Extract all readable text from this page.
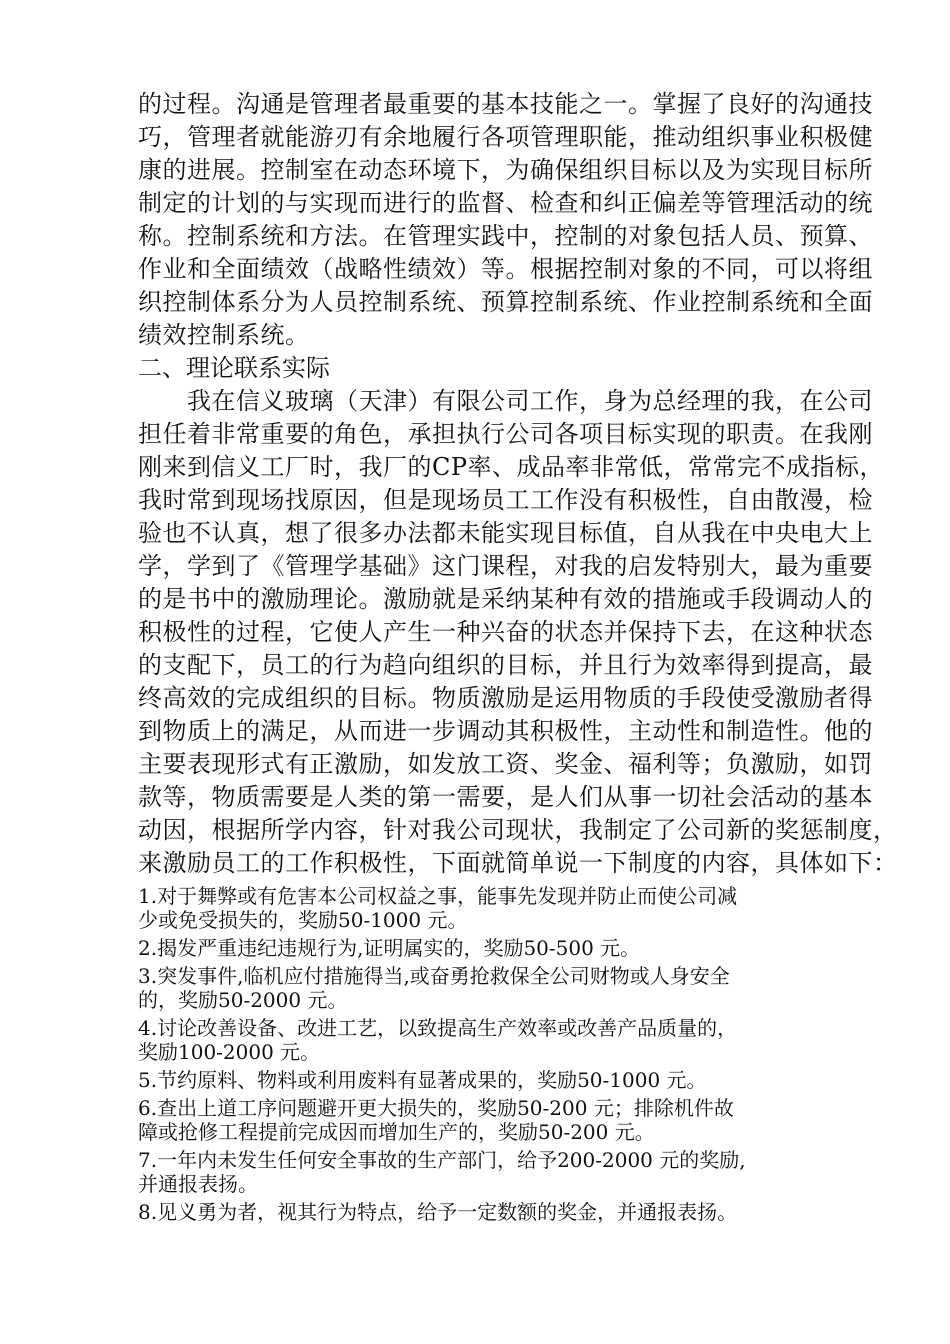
的过程。沟通是管理者最重要的基本技能之一。掌握了良好的沟通技
巧，管理者就能游刃有余地履行各项管理职能，推动组织事业积极健
康的进展。控制室在动态环境下，为确保组织目标以及为实现目标所
制定的计划的与实现而进行的监督、检查和纠正偏差等管理活动的统
称。控制系统和方法。在管理实践中，控制的对象包括人员、预算、
作业和全面绩效（战略性绩效）等。根据控制对象的不同，可以将组
织控制体系分为人员控制系统、预算控制系统、作业控制系统和全面
绩效控制系统。
二、理论联系实际
　　我在信义玻璃（天津）有限公司工作，身为总经理的我，在公司
担任着非常重要的角色，承担执行公司各项目标实现的职责。在我刚
刚来到信义工厂时，我厂的CP率、成品率非常低，常常完不成指标，
我时常到现场找原因，但是现场员工工作没有积极性，自由散漫，检
验也不认真，想了很多办法都未能实现目标值，自从我在中央电大上
学，学到了《管理学基础》这门课程，对我的启发特别大，最为重要
的是书中的激励理论。激励就是采纳某种有效的措施或手段调动人的
积极性的过程，它使人产生一种兴奋的状态并保持下去，在这种状态
的支配下，员工的行为趋向组织的目标，并且行为效率得到提高，最
终高效的完成组织的目标。物质激励是运用物质的手段使受激励者得
到物质上的满足，从而进一步调动其积极性，主动性和制造性。他的
主要表现形式有正激励，如发放工资、奖金、福利等；负激励，如罚
款等，物质需要是人类的第一需要，是人们从事一切社会活动的基本
动因，根据所学内容，针对我公司现状，我制定了公司新的奖惩制度，
来激励员工的工作积极性，下面就简单说一下制度的内容，具体如下：
1.对于舞弊或有危害本公司权益之事，能事先发现并防止而使公司减
少或免受损失的，奖励50-1000 元。
2.揭发严重违纪违规行为,证明属实的，奖励50-500 元。
3.突发事件,临机应付措施得当,或奋勇抢救保全公司财物或人身安全
的，奖励50-2000 元。
4.讨论改善设备、改进工艺，以致提高生产效率或改善产品质量的，
奖励100-2000 元。
5.节约原料、物料或利用废料有显著成果的，奖励50-1000 元。
6.查出上道工序问题避开更大损失的，奖励50-200 元；排除机件故
障或抢修工程提前完成因而增加生产的，奖励50-200 元。
7.一年内未发生任何安全事故的生产部门，给予200-2000 元的奖励,
并通报表扬。
8.见义勇为者，视其行为特点，给予一定数额的奖金，并通报表扬。
